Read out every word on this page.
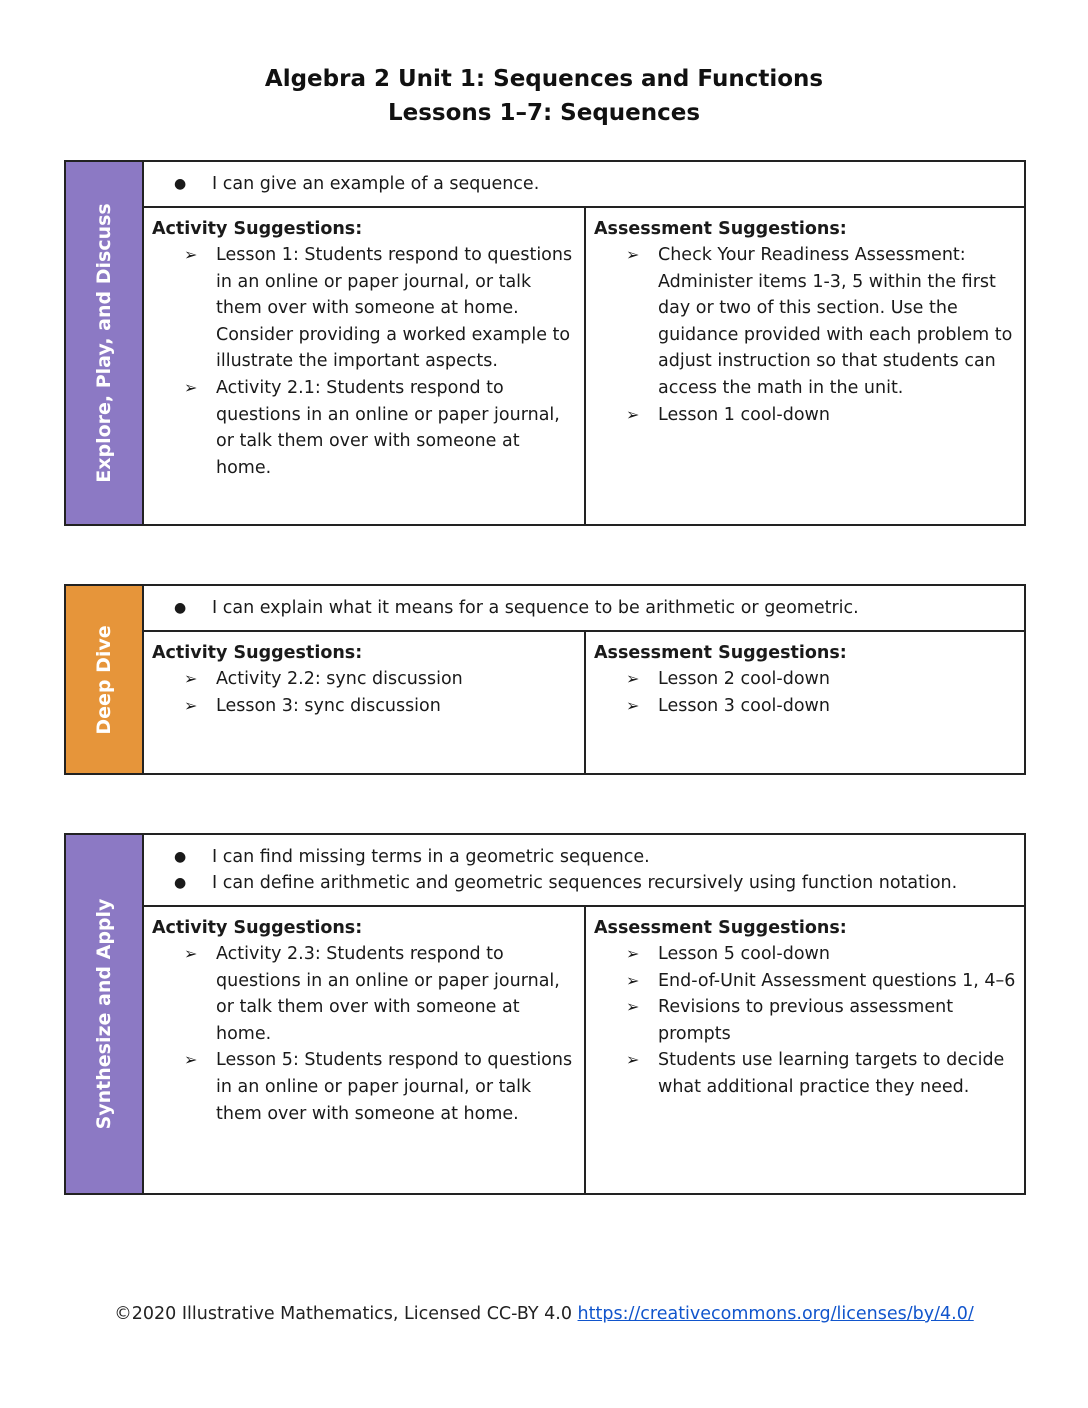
Algebra 2 Unit 1: Sequences and Functions
Lessons 1–7: Sequences
Explore, Play, and Discuss
●	I can give an example of a sequence.
Activity Suggestions:
➢	Lesson 1: Students respond to questions in an online or paper journal, or talk them over with someone at home. Consider providing a worked example to illustrate the important aspects.
➢	Activity 2.1: Students respond to questions in an online or paper journal, or talk them over with someone at home.
Assessment Suggestions:
➢	Check Your Readiness Assessment: Administer items 1-3, 5 within the first day or two of this section. Use the guidance provided with each problem to adjust instruction so that students can access the math in the unit.
➢	Lesson 1 cool-down
Deep Dive
●	I can explain what it means for a sequence to be arithmetic or geometric.
Activity Suggestions:
➢	Activity 2.2: sync discussion
➢	Lesson 3: sync discussion
Assessment Suggestions:
➢	Lesson 2 cool-down
➢	Lesson 3 cool-down
Synthesize and Apply
●	I can find missing terms in a geometric sequence.
●	I can define arithmetic and geometric sequences recursively using function notation.
Activity Suggestions:
➢	Activity 2.3: Students respond to questions in an online or paper journal, or talk them over with someone at home.
➢	Lesson 5: Students respond to questions in an online or paper journal, or talk them over with someone at home.
Assessment Suggestions:
➢	Lesson 5 cool-down
➢	End-of-Unit Assessment questions 1, 4–6
➢	Revisions to previous assessment prompts
➢	Students use learning targets to decide what additional practice they need.
©2020 Illustrative Mathematics, Licensed CC-BY 4.0 https://creativecommons.org/licenses/by/4.0/
